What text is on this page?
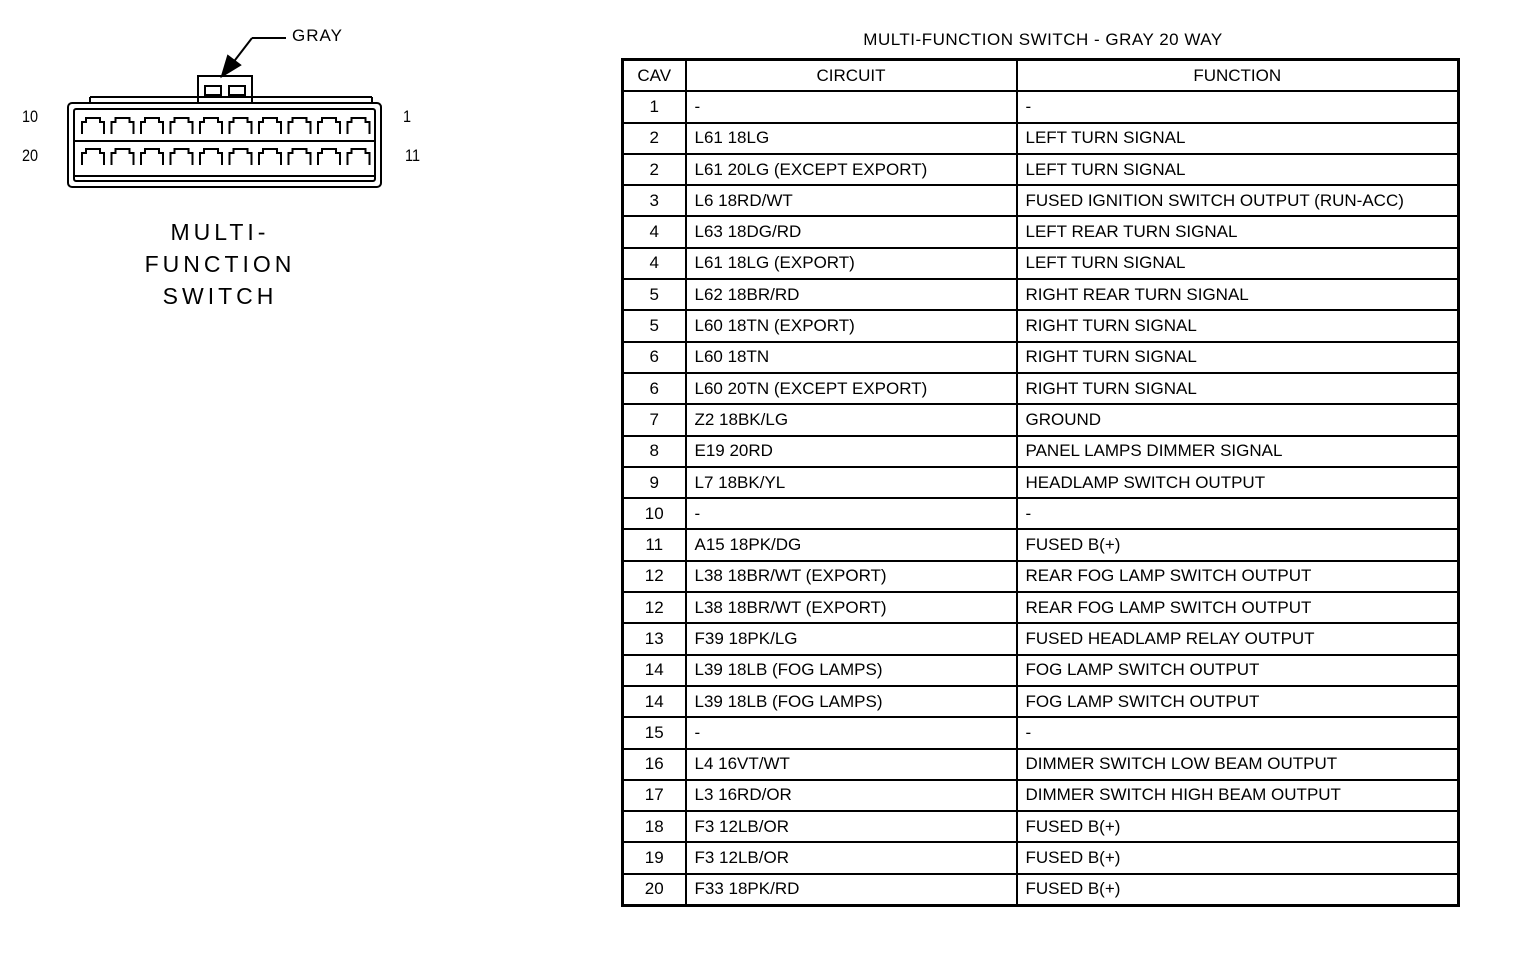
GRAY
10	1
20	11
MULTI-
FUNCTION
SWITCH
MULTI-FUNCTION SWITCH - GRAY 20 WAY
CAV	CIRCUIT	FUNCTION
1	-	-
2	L61 18LG	LEFT TURN SIGNAL
2	L61 20LG (EXCEPT EXPORT)	LEFT TURN SIGNAL
3	L6 18RD/WT	FUSED IGNITION SWITCH OUTPUT (RUN-ACC)
4	L63 18DG/RD	LEFT REAR TURN SIGNAL
4	L61 18LG (EXPORT)	LEFT TURN SIGNAL
5	L62 18BR/RD	RIGHT REAR TURN SIGNAL
5	L60 18TN (EXPORT)	RIGHT TURN SIGNAL
6	L60 18TN	RIGHT TURN SIGNAL
6	L60 20TN (EXCEPT EXPORT)	RIGHT TURN SIGNAL
7	Z2 18BK/LG	GROUND
8	E19 20RD	PANEL LAMPS DIMMER SIGNAL
9	L7 18BK/YL	HEADLAMP SWITCH OUTPUT
10	-	-
11	A15 18PK/DG	FUSED B(+)
12	L38 18BR/WT (EXPORT)	REAR FOG LAMP SWITCH OUTPUT
12	L38 18BR/WT (EXPORT)	REAR FOG LAMP SWITCH OUTPUT
13	F39 18PK/LG	FUSED HEADLAMP RELAY OUTPUT
14	L39 18LB (FOG LAMPS)	FOG LAMP SWITCH OUTPUT
14	L39 18LB (FOG LAMPS)	FOG LAMP SWITCH OUTPUT
15	-	-
16	L4 16VT/WT	DIMMER SWITCH LOW BEAM OUTPUT
17	L3 16RD/OR	DIMMER SWITCH HIGH BEAM OUTPUT
18	F3 12LB/OR	FUSED B(+)
19	F3 12LB/OR	FUSED B(+)
20	F33 18PK/RD	FUSED B(+)
